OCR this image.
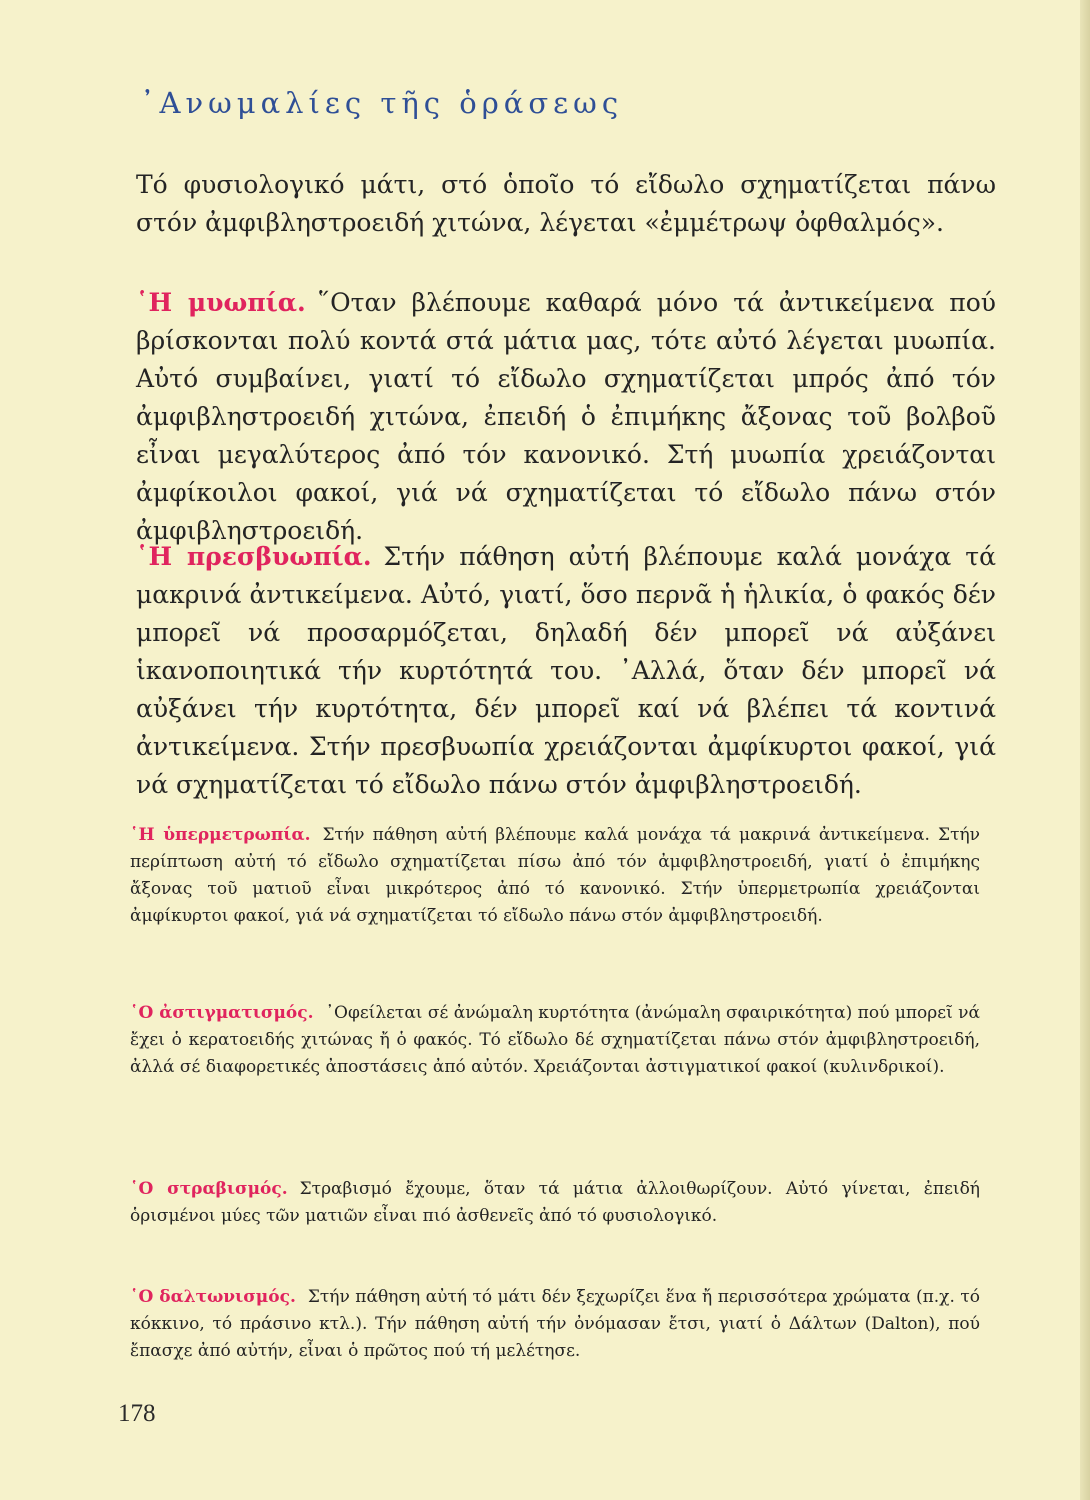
᾿Ανωμαλίες τῆς ὁράσεως

Τό φυσιολογικό μάτι, στό ὁποῖο τό εἴδωλο σχηματίζεται πάνω στόν ἀμφιβληστροειδή χιτώνα, λέγεται «ἐμμέτρωψ ὀφθαλμός».

῾Η μυωπία. ῞Οταν βλέπουμε καθαρά μόνο τά ἀντικείμενα πού βρίσκονται πολύ κοντά στά μάτια μας, τότε αὐτό λέγεται μυωπία. Αὐτό συμβαίνει, γιατί τό εἴδωλο σχηματίζεται μπρός ἀπό τόν ἀμφιβληστροειδή χιτώνα, ἐπειδή ὁ ἐπιμήκης ἄξονας τοῦ βολβοῦ εἶναι μεγαλύτερος ἀπό τόν κανονικό. Στή μυωπία χρειάζονται ἀμφίκοιλοι φακοί, γιά νά σχηματίζεται τό εἴδωλο πάνω στόν ἀμφιβληστροειδή.

῾Η πρεσβυωπία. Στήν πάθηση αὐτή βλέπουμε καλά μονάχα τά μακρινά ἀντικείμενα. Αὐτό, γιατί, ὅσο περνᾶ ἡ ἡλικία, ὁ φακός δέν μπορεῖ νά προσαρμόζεται, δηλαδή δέν μπορεῖ νά αὐξάνει ἱκανοποιητικά τήν κυρτότητά του. ᾿Αλλά, ὅταν δέν μπορεῖ νά αὐξάνει τήν κυρτότητα, δέν μπορεῖ καί νά βλέπει τά κοντινά ἀντικείμενα. Στήν πρεσβυωπία χρειάζονται ἀμφίκυρτοι φακοί, γιά νά σχηματίζεται τό εἴδωλο πάνω στόν ἀμφιβληστροειδή.

῾Η ὑπερμετρωπία. Στήν πάθηση αὐτή βλέπουμε καλά μονάχα τά μακρινά ἀντικείμενα. Στήν περίπτωση αὐτή τό εἴδωλο σχηματίζεται πίσω ἀπό τόν ἀμφιβληστροειδή, γιατί ὁ ἐπιμήκης ἄξονας τοῦ ματιοῦ εἶναι μικρότερος ἀπό τό κανονικό. Στήν ὑπερμετρωπία χρειάζονται ἀμφίκυρτοι φακοί, γιά νά σχηματίζεται τό εἴδωλο πάνω στόν ἀμφιβληστροειδή.

῾Ο ἀστιγματισμός. ᾿Οφείλεται σέ ἀνώμαλη κυρτότητα (ἀνώμαλη σφαιρικότητα) πού μπορεῖ νά ἔχει ὁ κερατοειδής χιτώνας ἤ ὁ φακός. Τό εἴδωλο δέ σχηματίζεται πάνω στόν ἀμφιβληστροειδή, ἀλλά σέ διαφορετικές ἀποστάσεις ἀπό αὐτόν. Χρειάζονται ἀστιγματικοί φακοί (κυλινδρικοί).

῾Ο στραβισμός. Στραβισμό ἔχουμε, ὅταν τά μάτια ἀλλοιθωρίζουν. Αὐτό γίνεται, ἐπειδή ὁρισμένοι μύες τῶν ματιῶν εἶναι πιό ἀσθενεῖς ἀπό τό φυσιολογικό.

῾Ο δαλτωνισμός. Στήν πάθηση αὐτή τό μάτι δέν ξεχωρίζει ἕνα ἤ περισσότερα χρώματα (π.χ. τό κόκκινο, τό πράσινο κτλ.). Τήν πάθηση αὐτή τήν ὀνόμασαν ἔτσι, γιατί ὁ Δάλτων (Dalton), πού ἔπασχε ἀπό αὐτήν, εἶναι ὁ πρῶτος πού τή μελέτησε.

178
